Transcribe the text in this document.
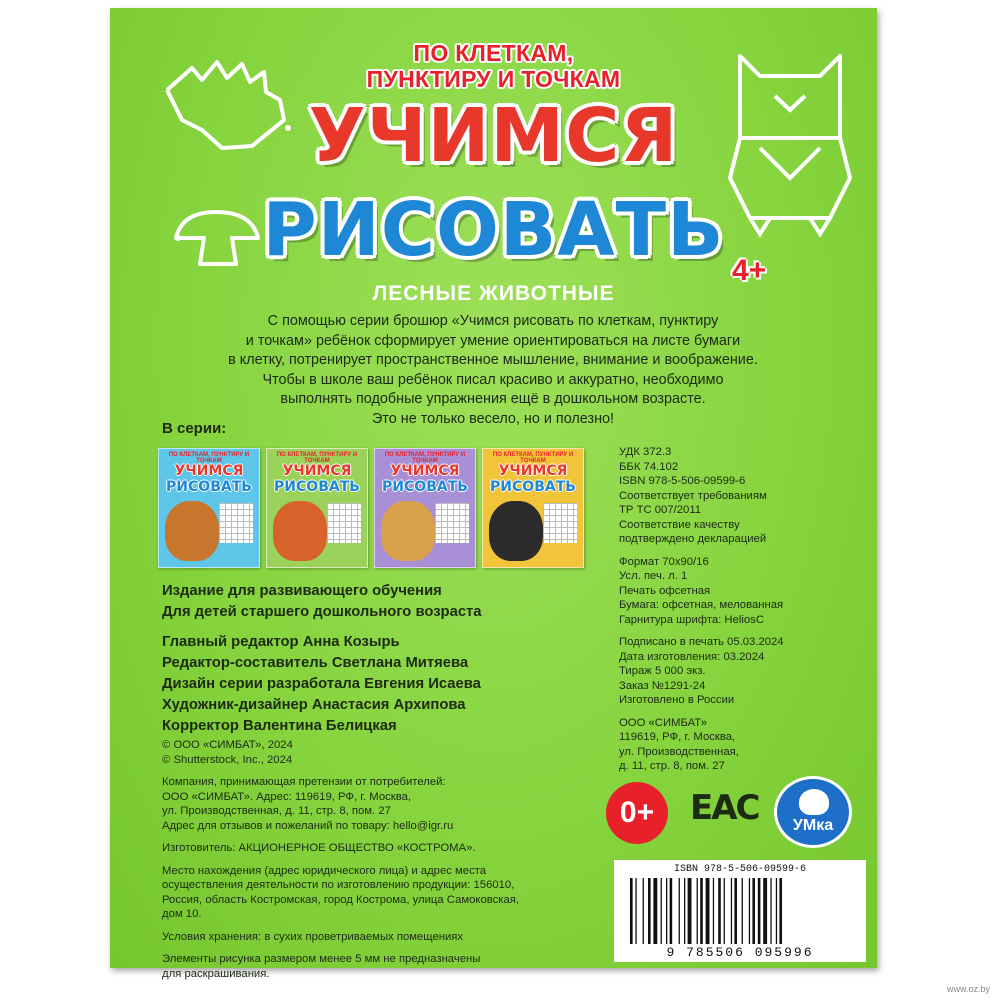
ПО КЛЕТКАМ,
ПУНКТИРУ И ТОЧКАМ
УЧИМСЯ
РИСОВАТЬ 4+
ЛЕСНЫЕ ЖИВОТНЫЕ

С помощью серии брошюр «Учимся рисовать по клеткам, пунктиру

и точкам» ребёнок сформирует умение ориентироваться на листе бумаги

в клетку, потренирует пространственное мышление, внимание и воображение.

Чтобы в школе ваш ребёнок писал красиво и аккуратно, необходимо

выполнять подобные упражнения ещё в дошкольном возрасте.

Это не только весело, но и полезно!

В серии:
ПО КЛЕТКАМ, ПУНКТИРУ И ТОЧКАМ
УЧИМСЯ
РИСОВАТЬ
ПО КЛЕТКАМ, ПУНКТИРУ И ТОЧКАМ
УЧИМСЯ
РИСОВАТЬ
ПО КЛЕТКАМ, ПУНКТИРУ И ТОЧКАМ
УЧИМСЯ
РИСОВАТЬ
ПО КЛЕТКАМ, ПУНКТИРУ И ТОЧКАМ
УЧИМСЯ
РИСОВАТЬ
УДК 372.3
ББК 74.102
ISBN 978-5-506-09599-6
Соответствует требованиям
ТР ТС 007/2011
Соответствие качеству
подтверждено декларацией
Формат 70х90/16
Усл. печ. л. 1
Печать офсетная
Бумага: офсетная, мелованная
Гарнитура шрифта: HeliosC
Подписано в печать 05.03.2024
Дата изготовления: 03.2024
Тираж 5 000 экз.
Заказ №1291-24
Изготовлено в России
ООО «СИМБАТ»
119619, РФ, г. Москва,
ул. Производственная,
д. 11, стр. 8, пом. 27
Издание для развивающего обучения
Для детей старшего дошкольного возраста
Главный редактор Анна Козырь
Редактор-составитель Светлана Митяева
Дизайн серии разработала Евгения Исаева
Художник-дизайнер Анастасия Архипова
Корректор Валентина Белицкая
© ООО «СИМБАТ», 2024
© Shutterstock, Inc., 2024
Компания, принимающая претензии от потребителей:
ООО «СИМБАТ». Адрес: 119619, РФ, г. Москва,
ул. Производственная, д. 11, стр. 8, пом. 27
Адрес для отзывов и пожеланий по товару: hello@igr.ru
Изготовитель: АКЦИОНЕРНОЕ ОБЩЕСТВО «КОСТРОМА».
Место нахождения (адрес юридического лица) и адрес места
осуществления деятельности по изготовлению продукции: 156010,
Россия, область Костромская, город Кострома, улица Самоковская,
дом 10.
Условия хранения: в сухих проветриваемых помещениях
Элементы рисунка размером менее 5 мм не предназначены
для раскрашивания.
0+	EAC	УМка
ISBN 978-5-506-09599-6
9 785506 095996
www.oz.by
